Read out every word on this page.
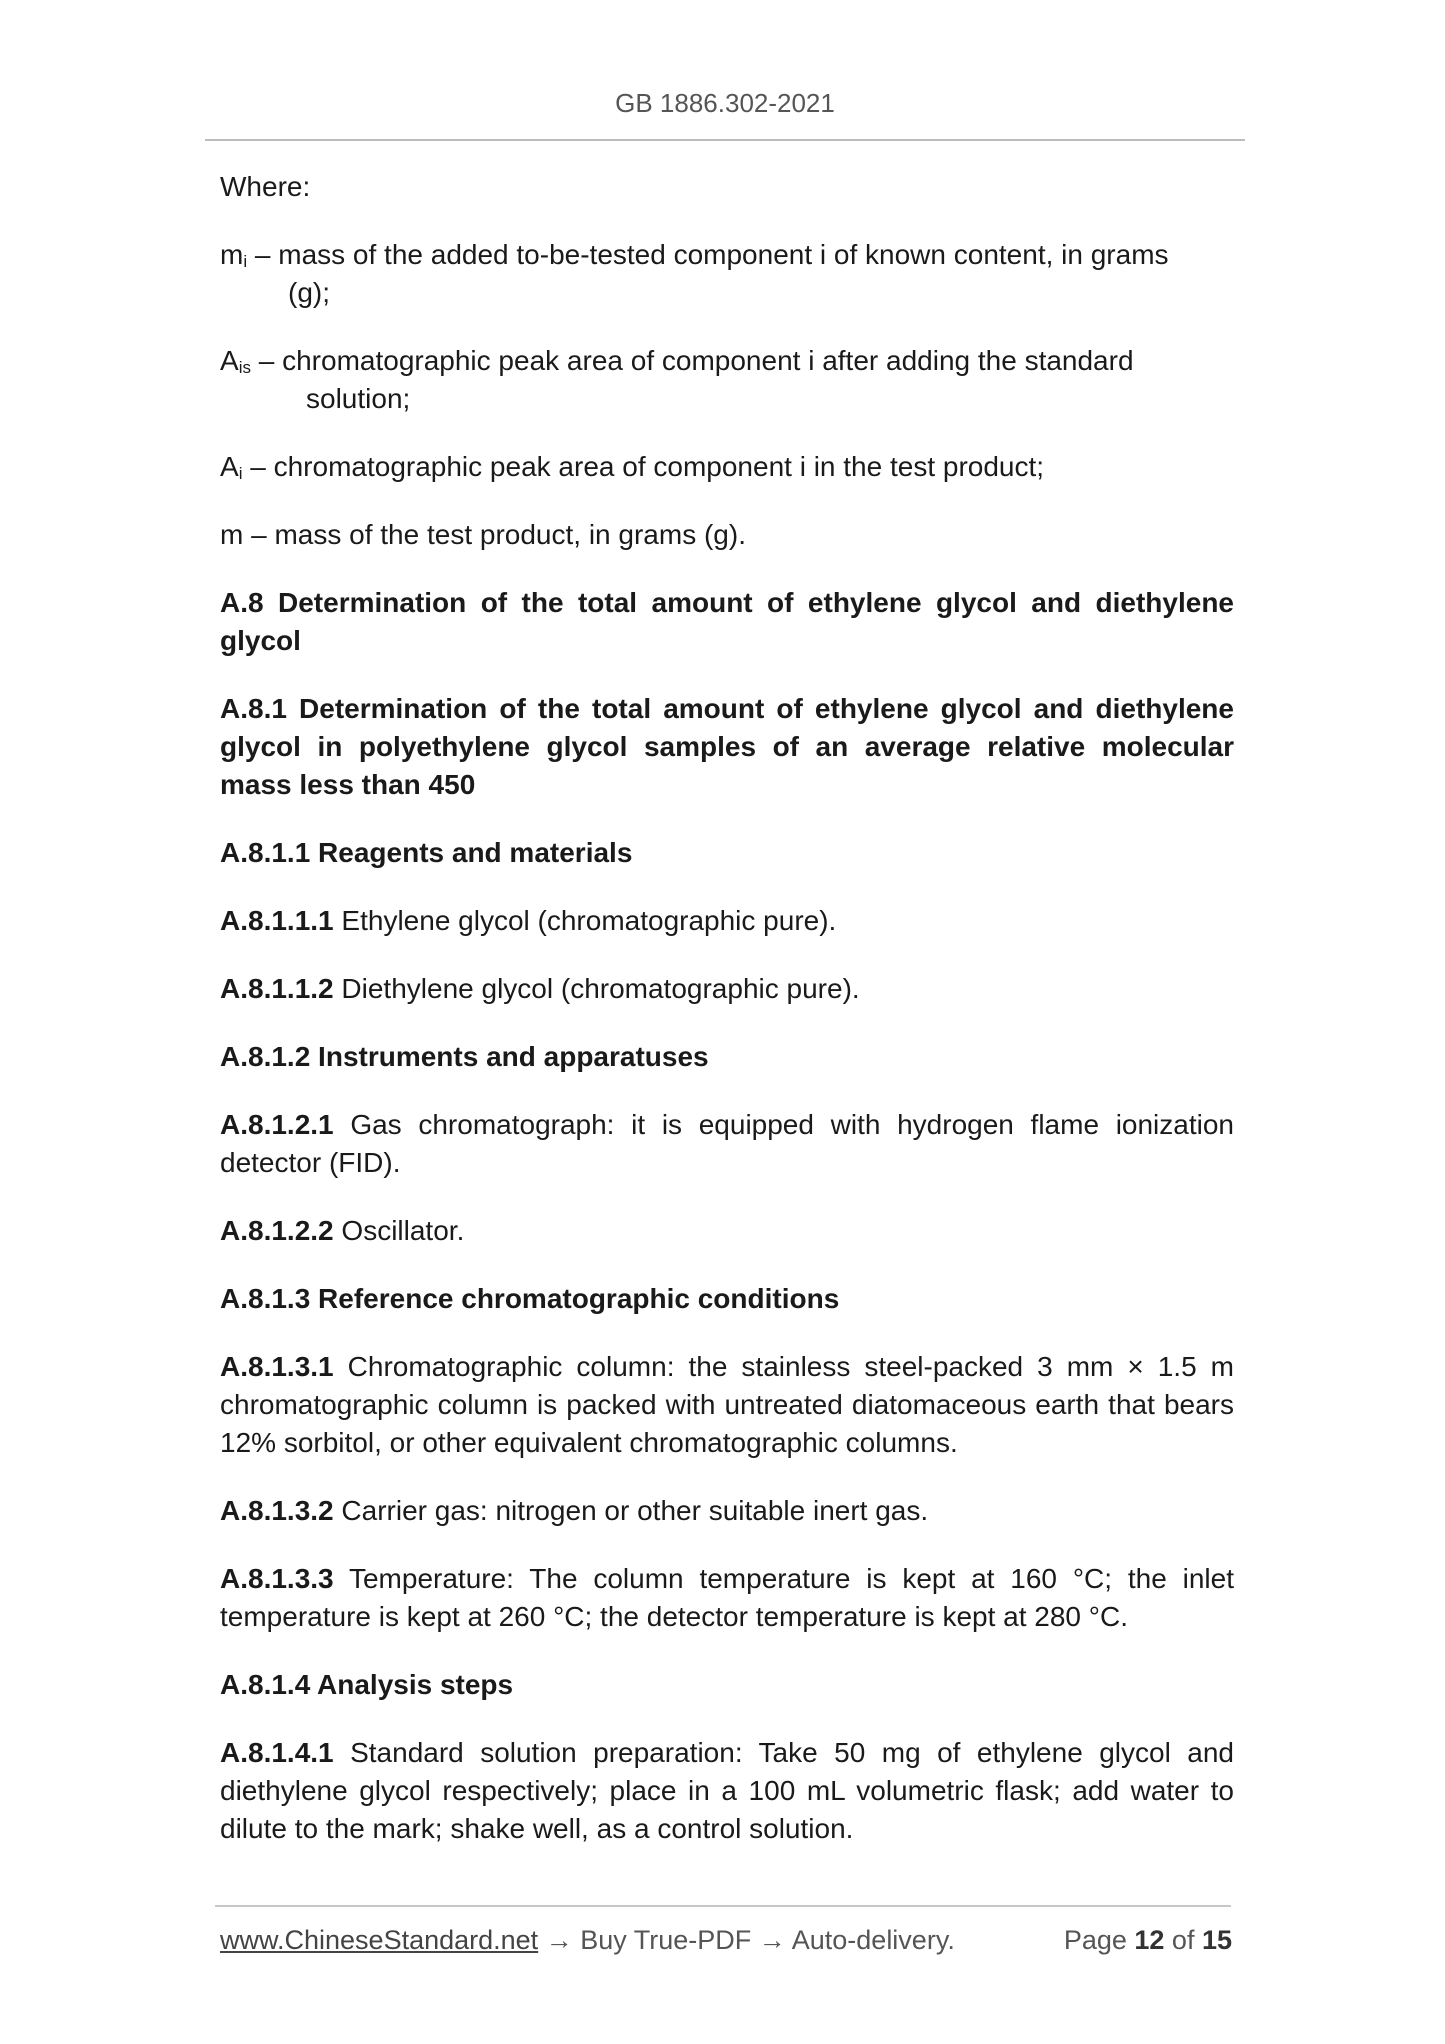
GB 1886.302-2021

Where:

$m_i$ – mass of the added to-be-tested component i of known content, in grams
(g);

$A_{is}$ – chromatographic peak area of component i after adding the standard
solution;

$A_i$ – chromatographic peak area of component i in the test product;

m – mass of the test product, in grams (g).

A.8 Determination of the total amount of ethylene glycol and diethylene glycol

A.8.1 Determination of the total amount of ethylene glycol and diethylene glycol in polyethylene glycol samples of an average relative molecular mass less than 450

A.8.1.1 Reagents and materials

A.8.1.1.1 Ethylene glycol (chromatographic pure).

A.8.1.1.2 Diethylene glycol (chromatographic pure).

A.8.1.2 Instruments and apparatuses

A.8.1.2.1 Gas chromatograph: it is equipped with hydrogen flame ionization detector (FID).

A.8.1.2.2 Oscillator.

A.8.1.3 Reference chromatographic conditions

A.8.1.3.1 Chromatographic column: the stainless steel-packed 3 mm × 1.5 m chromatographic column is packed with untreated diatomaceous earth that bears 12% sorbitol, or other equivalent chromatographic columns.

A.8.1.3.2 Carrier gas: nitrogen or other suitable inert gas.

A.8.1.3.3 Temperature: The column temperature is kept at 160 °C; the inlet temperature is kept at 260 °C; the detector temperature is kept at 280 °C.

A.8.1.4 Analysis steps

A.8.1.4.1 Standard solution preparation: Take 50 mg of ethylene glycol and diethylene glycol respectively; place in a 100 mL volumetric flask; add water to dilute to the mark; shake well, as a control solution.

www.ChineseStandard.net → Buy True-PDF → Auto-delivery.	Page 12 of 15
